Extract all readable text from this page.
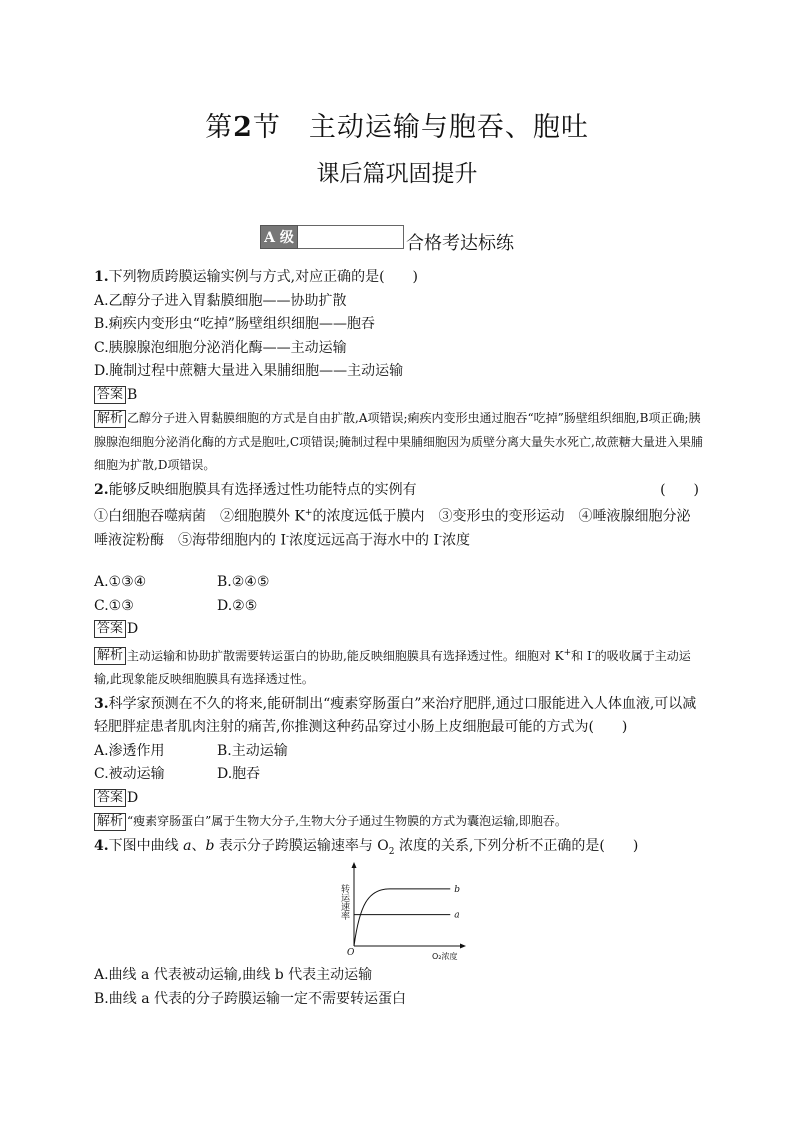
第2节　主动运输与胞吞、胞吐
课后篇巩固提升
A 级	合格考达标练
1.下列物质跨膜运输实例与方式,对应正确的是(　　)
A.乙醇分子进入胃黏膜细胞——协助扩散
B.痢疾内变形虫“吃掉”肠壁组织细胞——胞吞
C.胰腺腺泡细胞分泌消化酶——主动运输
D.腌制过程中蔗糖大量进入果脯细胞——主动运输
答案 B
解析 乙醇分子进入胃黏膜细胞的方式是自由扩散,A项错误;痢疾内变形虫通过胞吞“吃掉”肠壁组织细胞,B项正确;胰腺腺泡细胞分泌消化酶的方式是胞吐,C项错误;腌制过程中果脯细胞因为质壁分离大量失水死亡,故蔗糖大量进入果脯细胞为扩散,D项错误。
2.能够反映细胞膜具有选择透过性功能特点的实例有	(　　)
①白细胞吞噬病菌　②细胞膜外 K+的浓度远低于膜内　③变形虫的变形运动　④唾液腺细胞分泌
唾液淀粉酶　⑤海带细胞内的 I-浓度远远高于海水中的 I-浓度
A.①③④	B.②④⑤
C.①③	D.②⑤
答案 D
解析 主动运输和协助扩散需要转运蛋白的协助,能反映细胞膜具有选择透过性。细胞对 K+和 I-的吸收属于主动运输,此现象能反映细胞膜具有选择透过性。
3.科学家预测在不久的将来,能研制出“瘦素穿肠蛋白”来治疗肥胖,通过口服能进入人体血液,可以减
轻肥胖症患者肌肉注射的痛苦,你推测这种药品穿过小肠上皮细胞最可能的方式为(　　)
A.渗透作用	B.主动运输
C.被动运输	D.胞吞
答案 D
解析 “瘦素穿肠蛋白”属于生物大分子,生物大分子通过生物膜的方式为囊泡运输,即胞吞。
4.下图中曲线 a、b 表示分子跨膜运输速率与 $O_2$ 浓度的关系,下列分析不正确的是(　　)
转运速率
O	O₂浓度
b
a
A.曲线 a 代表被动运输,曲线 b 代表主动运输
B.曲线 a 代表的分子跨膜运输一定不需要转运蛋白
